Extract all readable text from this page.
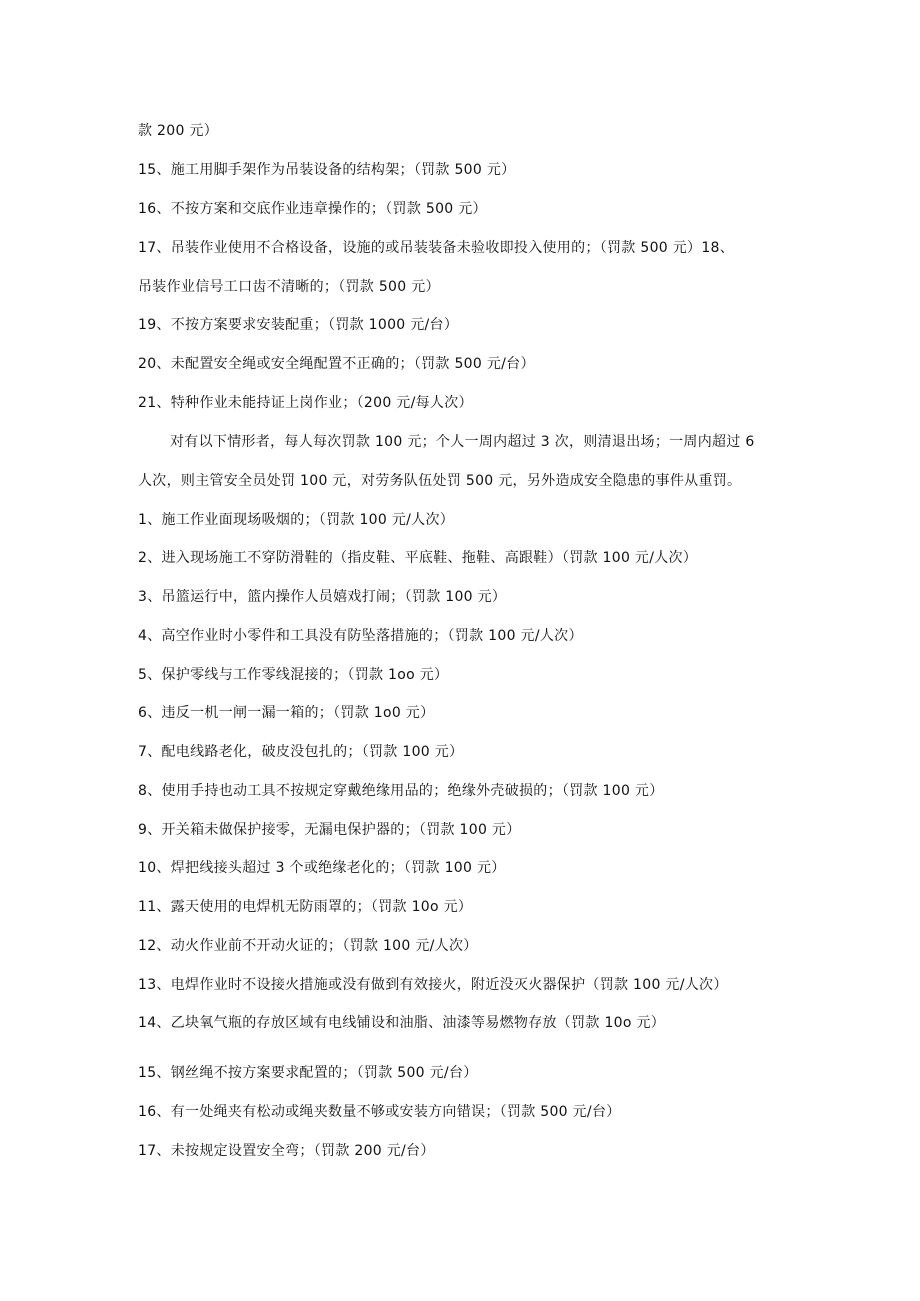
款 200 元）
15、施工用脚手架作为吊装设备的结构架；（罚款 500 元）
16、不按方案和交底作业违章操作的；（罚款 500 元）
17、吊装作业使用不合格设备，设施的或吊装装备未验收即投入使用的；（罚款 500 元）18、
吊装作业信号工口齿不清晰的；（罚款 500 元）
19、不按方案要求安装配重；（罚款 1000 元/台）
20、未配置安全绳或安全绳配置不正确的；（罚款 500 元/台）
21、特种作业未能持证上岗作业；（200 元/每人次）
对有以下情形者，每人每次罚款 100 元；个人一周内超过 3 次，则清退出场；一周内超过 6
人次，则主管安全员处罚 100 元，对劳务队伍处罚 500 元，另外造成安全隐患的事件从重罚。
1、施工作业面现场吸烟的；（罚款 100 元/人次）
2、进入现场施工不穿防滑鞋的（指皮鞋、平底鞋、拖鞋、高跟鞋）（罚款 100 元/人次）
3、吊篮运行中，篮内操作人员嬉戏打闹；（罚款 100 元）
4、高空作业时小零件和工具没有防坠落措施的；（罚款 100 元/人次）
5、保护零线与工作零线混接的；（罚款 1oo 元）
6、违反一机一闸一漏一箱的；（罚款 1o0 元）
7、配电线路老化，破皮没包扎的；（罚款 100 元）
8、使用手持也动工具不按规定穿戴绝缘用品的；绝缘外壳破损的；（罚款 100 元）
9、开关箱未做保护接零，无漏电保护器的；（罚款 100 元）
10、焊把线接头超过 3 个或绝缘老化的；（罚款 100 元）
11、露天使用的电焊机无防雨罩的；（罚款 10o 元）
12、动火作业前不开动火证的；（罚款 100 元/人次）
13、电焊作业时不设接火措施或没有做到有效接火，附近没灭火器保护（罚款 100 元/人次）
14、乙块氧气瓶的存放区域有电线铺设和油脂、油漆等易燃物存放（罚款 10o 元）
15、钢丝绳不按方案要求配置的；（罚款 500 元/台）
16、有一处绳夹有松动或绳夹数量不够或安装方向错误；（罚款 500 元/台）
17、未按规定设置安全弯；（罚款 200 元/台）
